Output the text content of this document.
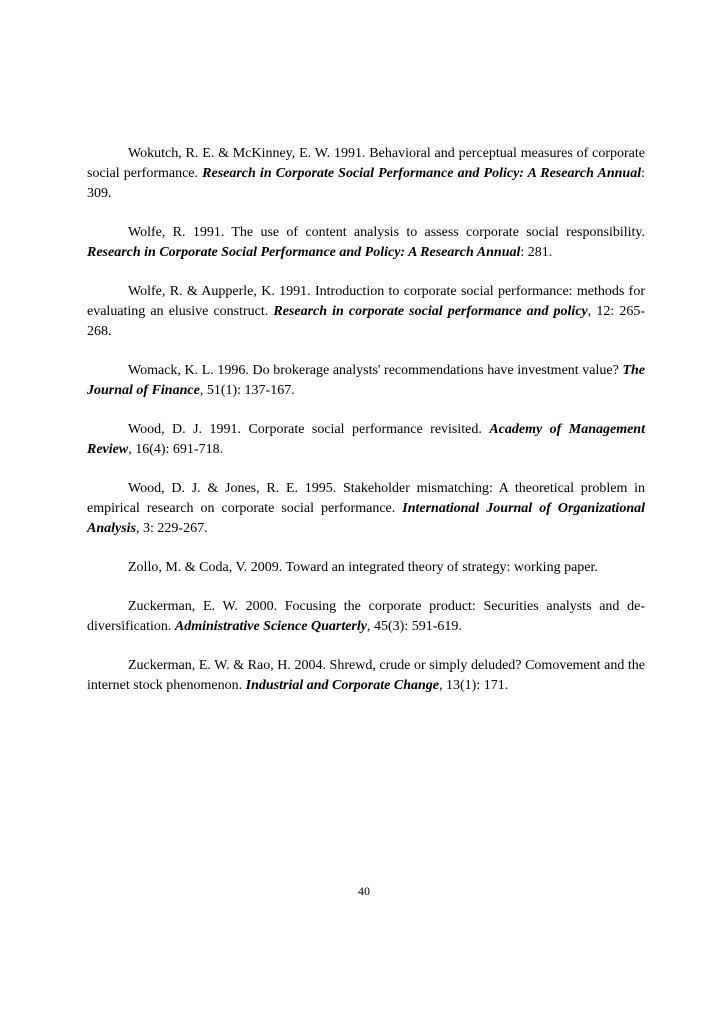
Wokutch, R. E. & McKinney, E. W. 1991. Behavioral and perceptual measures of corporate social performance. Research in Corporate Social Performance and Policy: A Research Annual: 309.

Wolfe, R. 1991. The use of content analysis to assess corporate social responsibility. Research in Corporate Social Performance and Policy: A Research Annual: 281.

Wolfe, R. & Aupperle, K. 1991. Introduction to corporate social performance: methods for evaluating an elusive construct. Research in corporate social performance and policy, 12: 265-268.

Womack, K. L. 1996. Do brokerage analysts' recommendations have investment value? The Journal of Finance, 51(1): 137-167.

Wood, D. J. 1991. Corporate social performance revisited. Academy of Management Review, 16(4): 691-718.

Wood, D. J. & Jones, R. E. 1995. Stakeholder mismatching: A theoretical problem in empirical research on corporate social performance. International Journal of Organizational Analysis, 3: 229-267.

Zollo, M. & Coda, V. 2009. Toward an integrated theory of strategy: working paper.

Zuckerman, E. W. 2000. Focusing the corporate product: Securities analysts and de-diversification. Administrative Science Quarterly, 45(3): 591-619.

Zuckerman, E. W. & Rao, H. 2004. Shrewd, crude or simply deluded? Comovement and the internet stock phenomenon. Industrial and Corporate Change, 13(1): 171.

40
